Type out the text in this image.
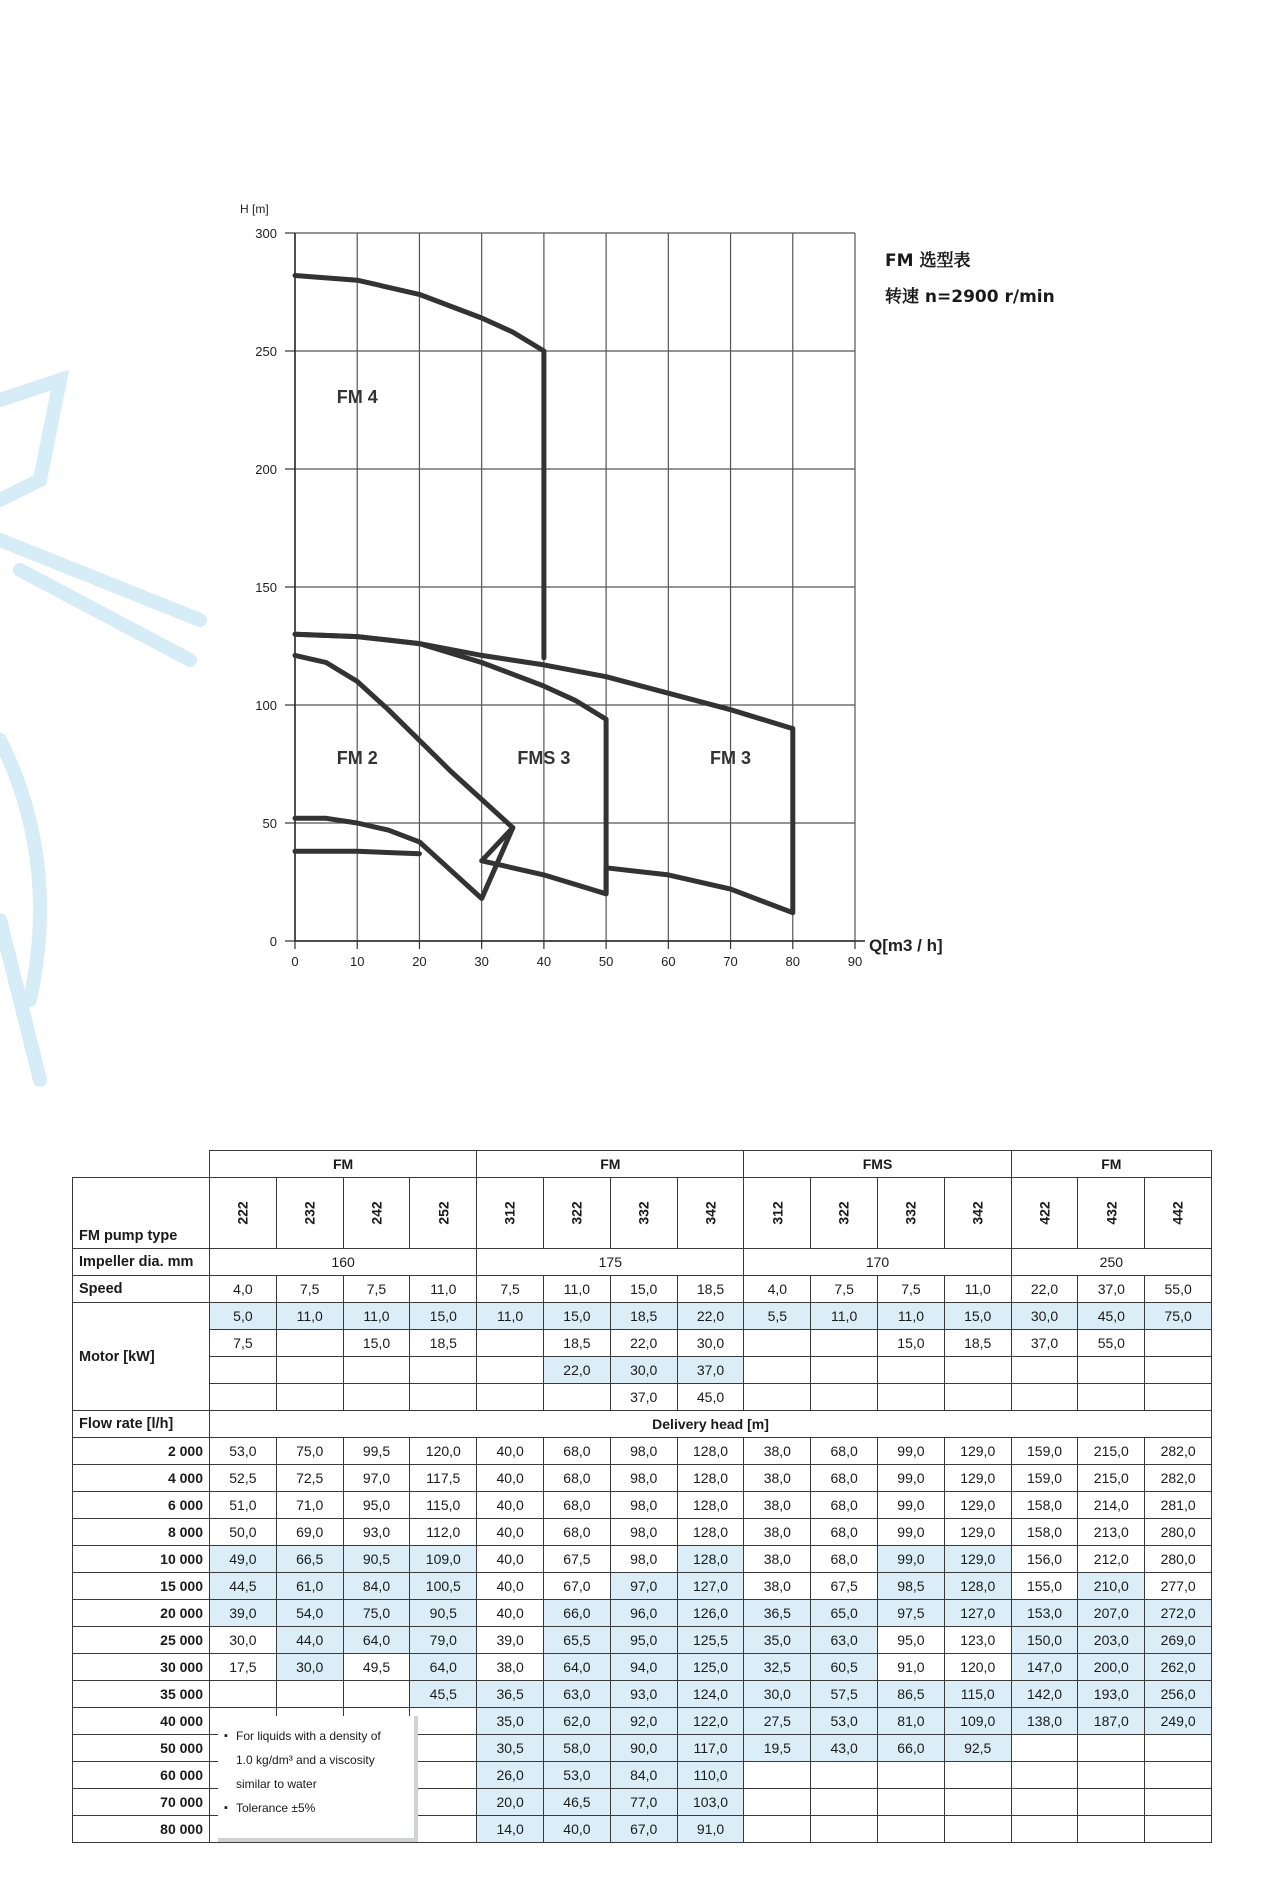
0	10	20	30	40	50	60	70	80	90
0
50
100
150
200
250
300
FM 4
FM 2	FMS 3	FM 3
H [m]
Q[m3 / h]
FM 选型表
转速 n=2900 r/min
	FM				FM				FMS				FM		
FM pump type	222	232	242	252	312	322	332	342	312	322	332	342	422	432	442
Impeller dia. mm	160				175				170				250		
Speed	4,0	7,5	7,5	11,0	7,5	11,0	15,0	18,5	4,0	7,5	7,5	11,0	22,0	37,0	55,0
Motor [kW]	5,0	11,0	11,0	15,0	11,0	15,0	18,5	22,0	5,5	11,0	11,0	15,0	30,0	45,0	75,0
	7,5		15,0	18,5		18,5	22,0	30,0			15,0	18,5	37,0	55,0	
						22,0	30,0	37,0							
							37,0	45,0							
Flow rate [l/h]	Delivery head [m]														
2 000	53,0	75,0	99,5	120,0	40,0	68,0	98,0	128,0	38,0	68,0	99,0	129,0	159,0	215,0	282,0
4 000	52,5	72,5	97,0	117,5	40,0	68,0	98,0	128,0	38,0	68,0	99,0	129,0	159,0	215,0	282,0
6 000	51,0	71,0	95,0	115,0	40,0	68,0	98,0	128,0	38,0	68,0	99,0	129,0	158,0	214,0	281,0
8 000	50,0	69,0	93,0	112,0	40,0	68,0	98,0	128,0	38,0	68,0	99,0	129,0	158,0	213,0	280,0
10 000	49,0	66,5	90,5	109,0	40,0	67,5	98,0	128,0	38,0	68,0	99,0	129,0	156,0	212,0	280,0
15 000	44,5	61,0	84,0	100,5	40,0	67,0	97,0	127,0	38,0	67,5	98,5	128,0	155,0	210,0	277,0
20 000	39,0	54,0	75,0	90,5	40,0	66,0	96,0	126,0	36,5	65,0	97,5	127,0	153,0	207,0	272,0
25 000	30,0	44,0	64,0	79,0	39,0	65,5	95,0	125,5	35,0	63,0	95,0	123,0	150,0	203,0	269,0
30 000	17,5	30,0	49,5	64,0	38,0	64,0	94,0	125,0	32,5	60,5	91,0	120,0	147,0	200,0	262,0
35 000				45,5	36,5	63,0	93,0	124,0	30,0	57,5	86,5	115,0	142,0	193,0	256,0
40 000					35,0	62,0	92,0	122,0	27,5	53,0	81,0	109,0	138,0	187,0	249,0
50 000					30,5	58,0	90,0	117,0	19,5	43,0	66,0	92,5			
60 000					26,0	53,0	84,0	110,0							
70 000					20,0	46,5	77,0	103,0							
80 000					14,0	40,0	67,0	91,0							
▪ For liquids with a density of
1.0 kg/dm³ and a viscosity
similar to water
▪ Tolerance ±5%
